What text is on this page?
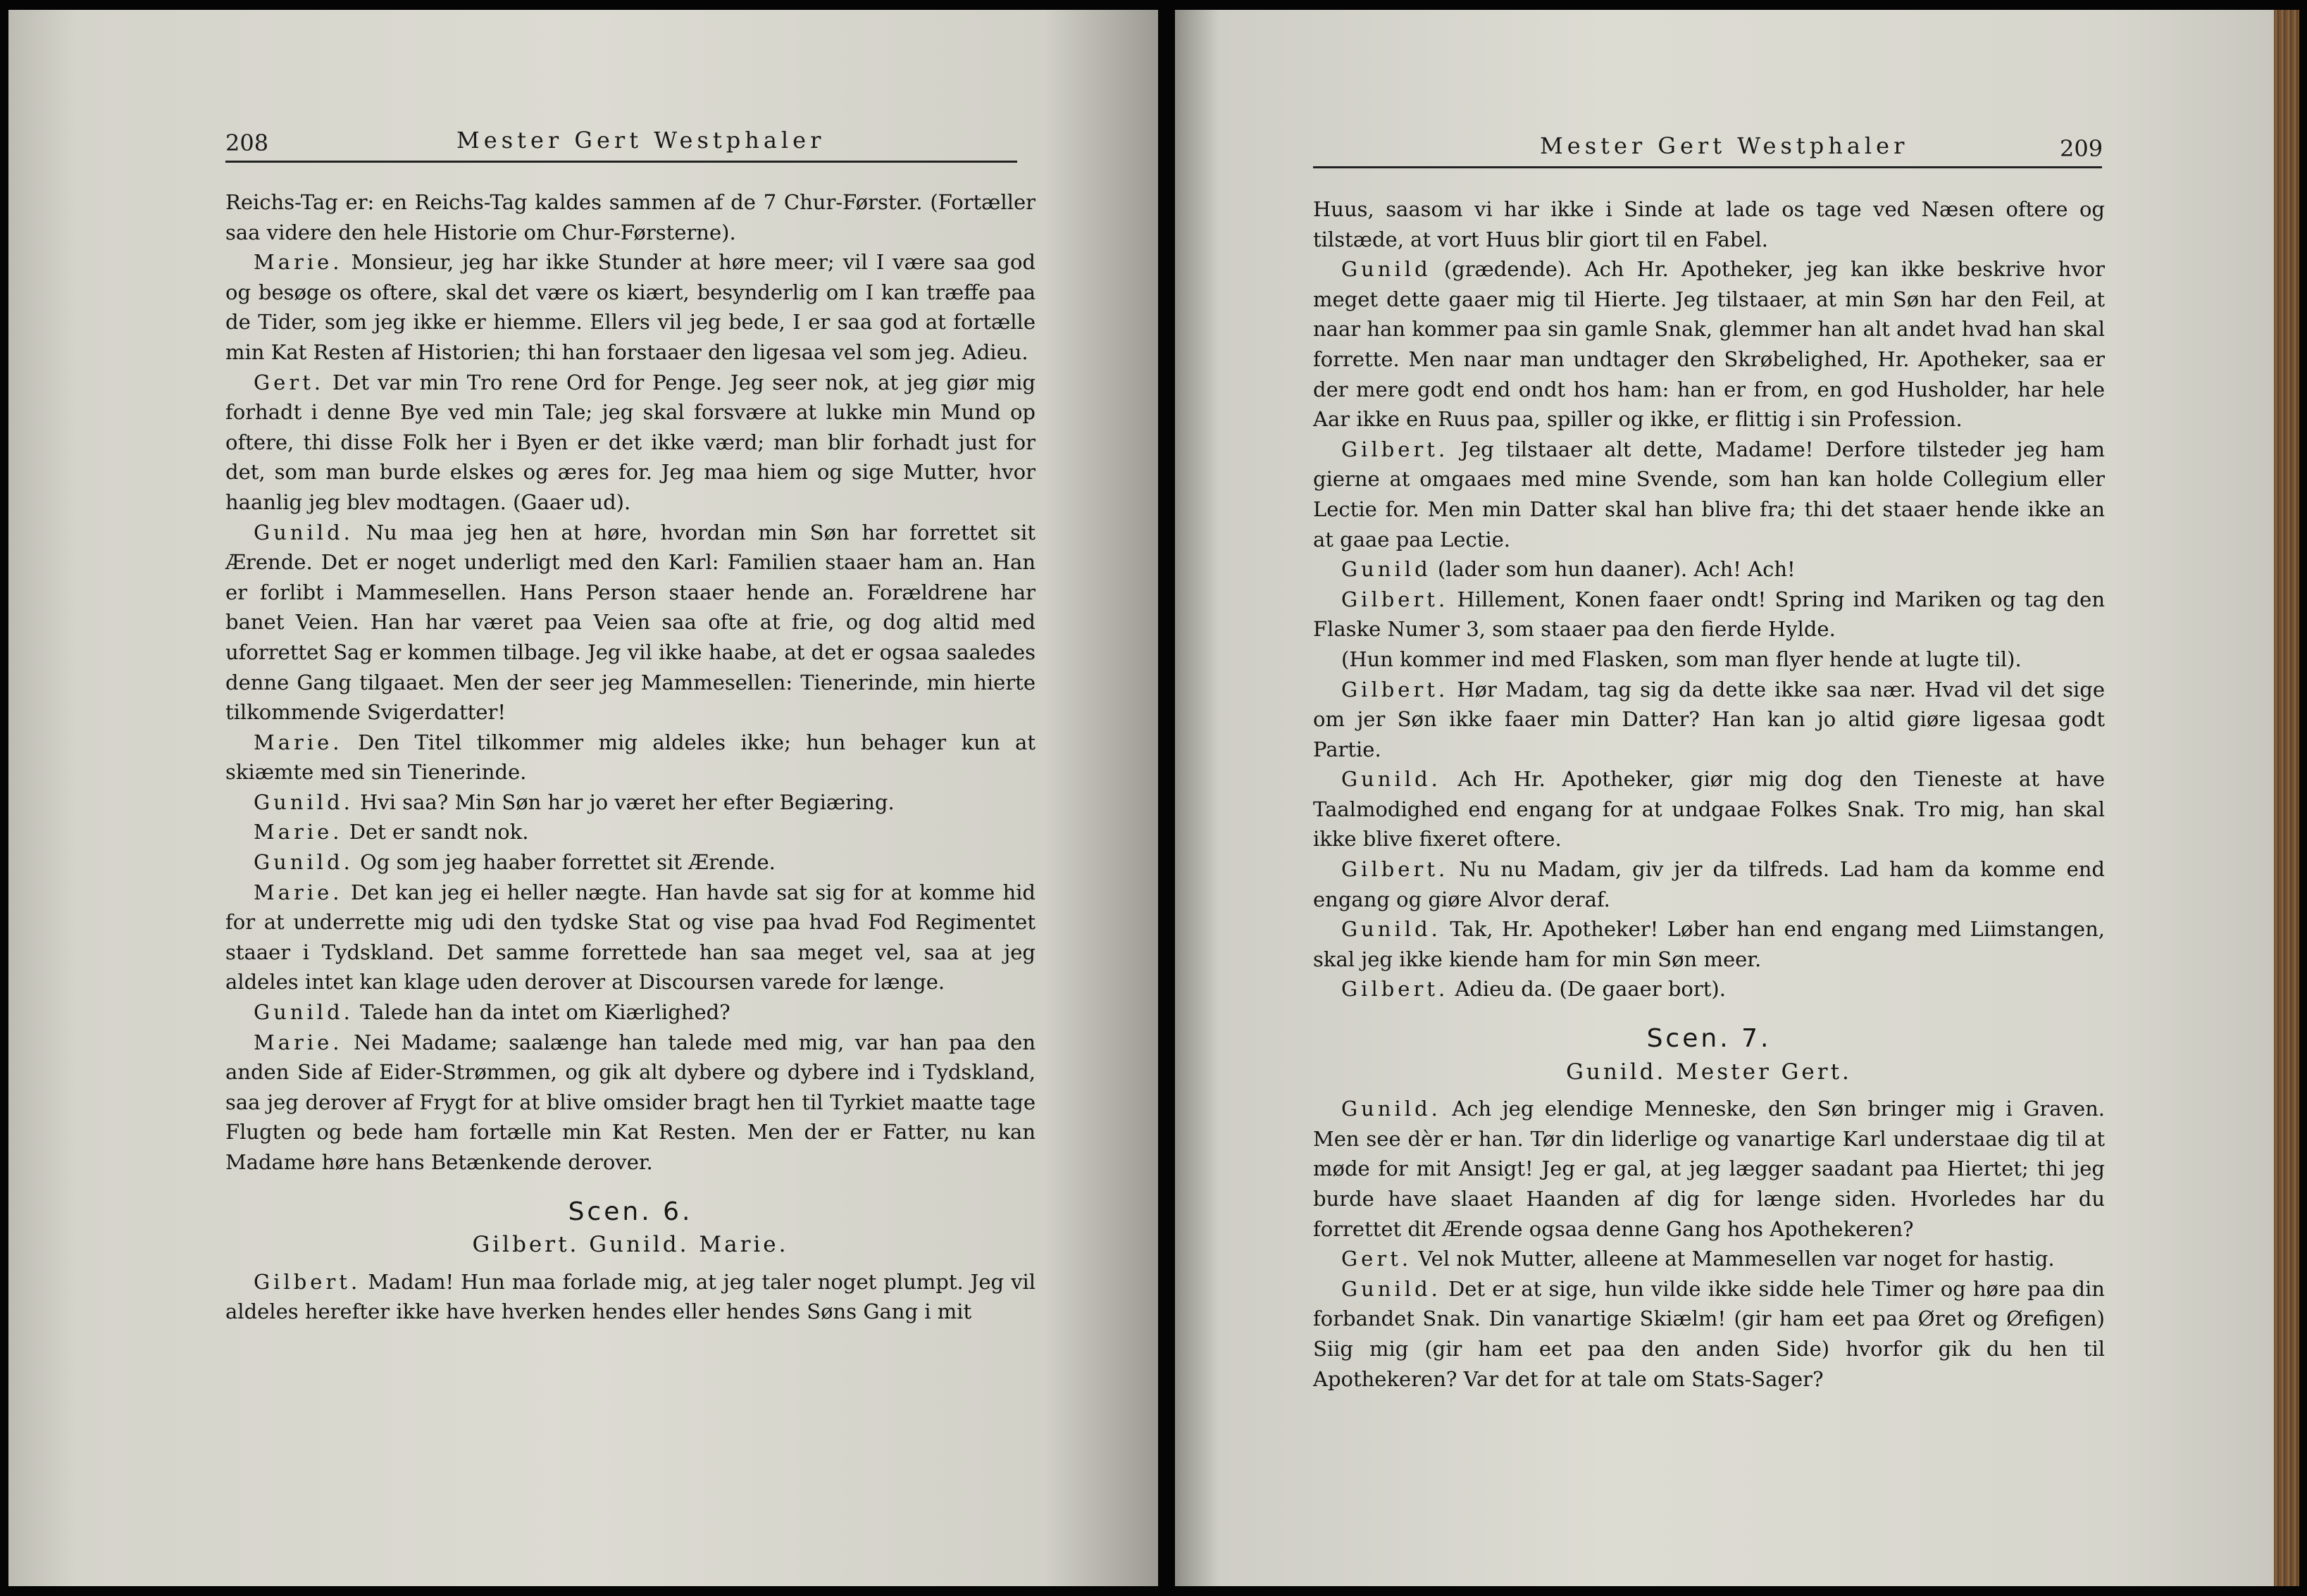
208	Mester Gert Westphaler

Reichs-Tag er: en Reichs-Tag kaldes sammen af de 7 Chur-Førster. (Fortæller saa videre den hele Historie om Chur-Førsterne).

Marie. Monsieur, jeg har ikke Stunder at høre meer; vil I være saa god og besøge os oftere, skal det være os kiært, besynderlig om I kan træffe paa de Tider, som jeg ikke er hiemme. Ellers vil jeg bede, I er saa god at fortælle min Kat Resten af Historien; thi han forstaaer den ligesaa vel som jeg. Adieu.

Gert. Det var min Tro rene Ord for Penge. Jeg seer nok, at jeg giør mig forhadt i denne Bye ved min Tale; jeg skal forsvære at lukke min Mund op oftere, thi disse Folk her i Byen er det ikke værd; man blir forhadt just for det, som man burde elskes og æres for. Jeg maa hiem og sige Mutter, hvor haanlig jeg blev modtagen. (Gaaer ud).

Gunild. Nu maa jeg hen at høre, hvordan min Søn har forrettet sit Ærende. Det er noget underligt med den Karl: Familien staaer ham an. Han er forlibt i Mammesellen. Hans Person staaer hende an. Forældrene har banet Veien. Han har været paa Veien saa ofte at frie, og dog altid med uforrettet Sag er kommen tilbage. Jeg vil ikke haabe, at det er ogsaa saaledes denne Gang tilgaaet. Men der seer jeg Mammesellen: Tienerinde, min hierte tilkommende Svigerdatter!

Marie. Den Titel tilkommer mig aldeles ikke; hun behager kun at skiæmte med sin Tienerinde.

Gunild. Hvi saa? Min Søn har jo været her efter Begiæring.

Marie. Det er sandt nok.

Gunild. Og som jeg haaber forrettet sit Ærende.

Marie. Det kan jeg ei heller nægte. Han havde sat sig for at komme hid for at underrette mig udi den tydske Stat og vise paa hvad Fod Regimentet staaer i Tydskland. Det samme forrettede han saa meget vel, saa at jeg aldeles intet kan klage uden derover at Discoursen varede for længe.

Gunild. Talede han da intet om Kiærlighed?

Marie. Nei Madame; saalænge han talede med mig, var han paa den anden Side af Eider-Strømmen, og gik alt dybere og dybere ind i Tydskland, saa jeg derover af Frygt for at blive omsider bragt hen til Tyrkiet maatte tage Flugten og bede ham fortælle min Kat Resten. Men der er Fatter, nu kan Madame høre hans Betænkende derover.

Scen. 6.

Gilbert. Gunild. Marie.

Gilbert. Madam! Hun maa forlade mig, at jeg taler noget plumpt. Jeg vil aldeles herefter ikke have hverken hendes eller hendes Søns Gang i mit

Mester Gert Westphaler	209

Huus, saasom vi har ikke i Sinde at lade os tage ved Næsen oftere og tilstæde, at vort Huus blir giort til en Fabel.

Gunild (grædende). Ach Hr. Apotheker, jeg kan ikke beskrive hvor meget dette gaaer mig til Hierte. Jeg tilstaaer, at min Søn har den Feil, at naar han kommer paa sin gamle Snak, glemmer han alt andet hvad han skal forrette. Men naar man undtager den Skrøbelighed, Hr. Apotheker, saa er der mere godt end ondt hos ham: han er from, en god Husholder, har hele Aar ikke en Ruus paa, spiller og ikke, er flittig i sin Profession.

Gilbert. Jeg tilstaaer alt dette, Madame! Derfore tilsteder jeg ham gierne at omgaaes med mine Svende, som han kan holde Collegium eller Lectie for. Men min Datter skal han blive fra; thi det staaer hende ikke an at gaae paa Lectie.

Gunild (lader som hun daaner). Ach! Ach!

Gilbert. Hillement, Konen faaer ondt! Spring ind Mariken og tag den Flaske Numer 3, som staaer paa den fierde Hylde.

(Hun kommer ind med Flasken, som man flyer hende at lugte til).

Gilbert. Hør Madam, tag sig da dette ikke saa nær. Hvad vil det sige om jer Søn ikke faaer min Datter? Han kan jo altid giøre ligesaa godt Partie.

Gunild. Ach Hr. Apotheker, giør mig dog den Tieneste at have Taalmodighed end engang for at undgaae Folkes Snak. Tro mig, han skal ikke blive fixeret oftere.

Gilbert. Nu nu Madam, giv jer da tilfreds. Lad ham da komme end engang og giøre Alvor deraf.

Gunild. Tak, Hr. Apotheker! Løber han end engang med Liimstangen, skal jeg ikke kiende ham for min Søn meer.

Gilbert. Adieu da. (De gaaer bort).

Scen. 7.

Gunild. Mester Gert.

Gunild. Ach jeg elendige Menneske, den Søn bringer mig i Graven. Men see dèr er han. Tør din liderlige og vanartige Karl understaae dig til at møde for mit Ansigt! Jeg er gal, at jeg lægger saadant paa Hiertet; thi jeg burde have slaaet Haanden af dig for længe siden. Hvorledes har du forrettet dit Ærende ogsaa denne Gang hos Apothekeren?

Gert. Vel nok Mutter, alleene at Mammesellen var noget for hastig.

Gunild. Det er at sige, hun vilde ikke sidde hele Timer og høre paa din forbandet Snak. Din vanartige Skiælm! (gir ham eet paa Øret og Ørefigen) Siig mig (gir ham eet paa den anden Side) hvorfor gik du hen til Apothekeren? Var det for at tale om Stats-Sager?
